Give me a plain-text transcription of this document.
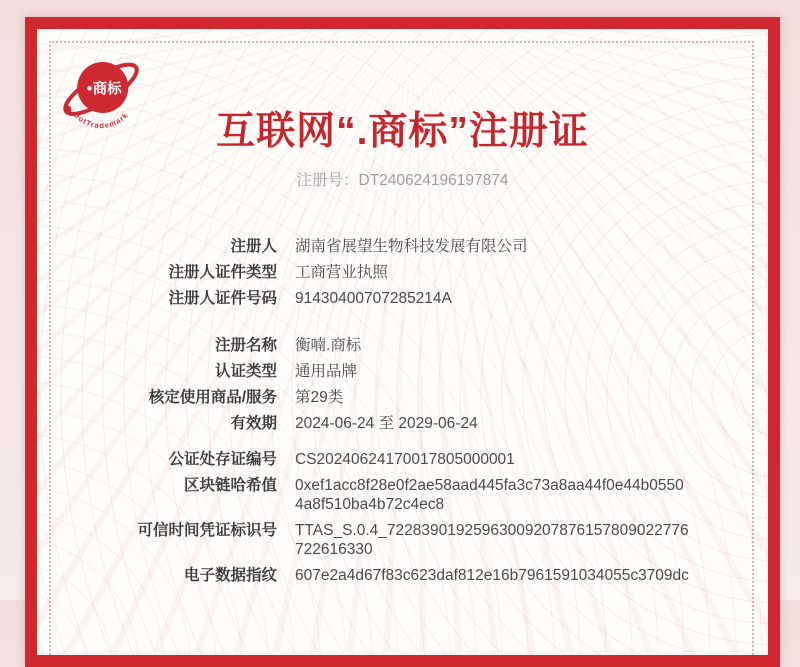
商标
DotTrademark	互联网“.商标”注册证
注册号：DT240624196197874
注册人 湖南省展望生物科技发展有限公司
注册人证件类型 工商营业执照
注册人证件号码 91430400707285214A
注册名称 衡喃.商标
认证类型 通用品牌
核定使用商品/服务 第29类
有效期 2024-06-24 至 2029-06-24
公证处存证编号 CS20240624170017805000001
区块链哈希值 0xef1acc8f28e0f2ae58aad445fa3c73a8aa44f0e44b05504a8f510ba4b72c4ec8
可信时间凭证标识号 TTAS_S.0.4_72283901925963009207876157809022776722616330
电子数据指纹 607e2a4d67f83c623daf812e16b7961591034055c3709dc
